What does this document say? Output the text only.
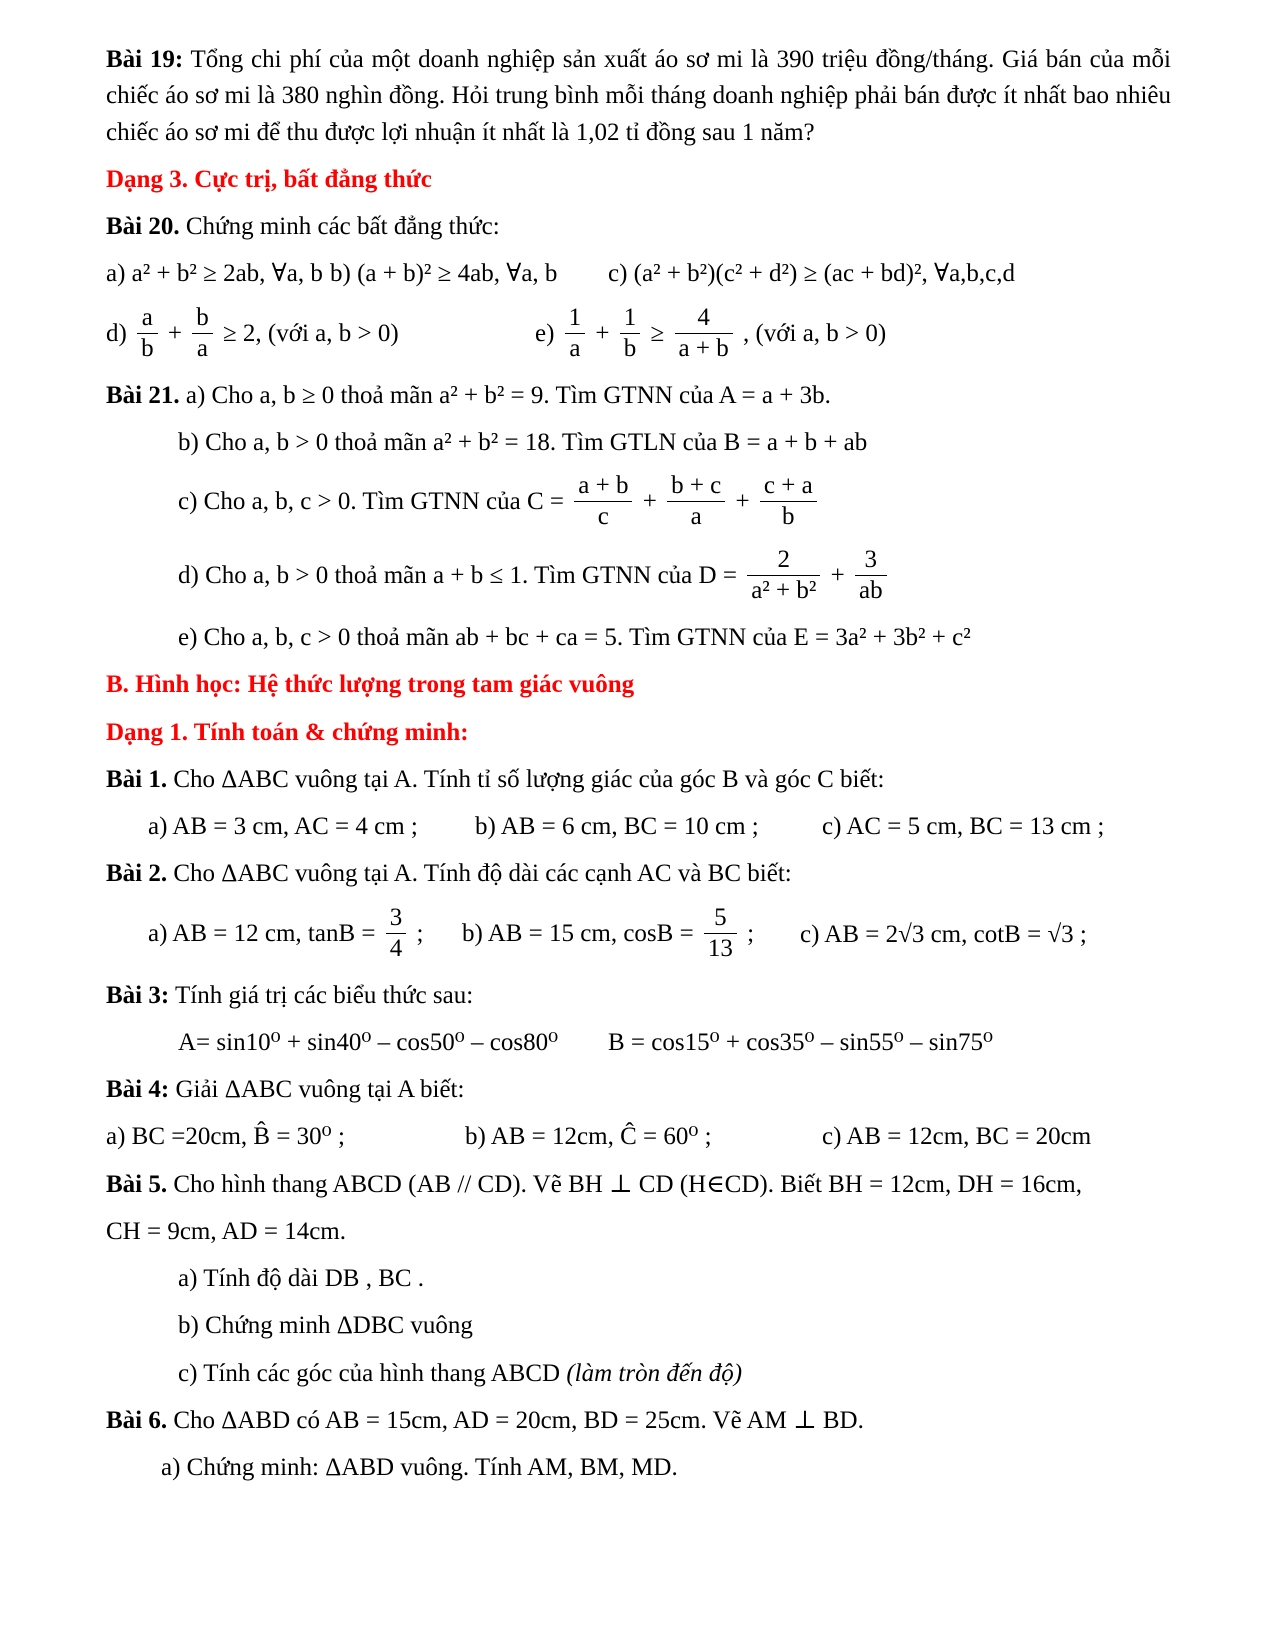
Bài 19: Tổng chi phí của một doanh nghiệp sản xuất áo sơ mi là 390 triệu đồng/tháng. Giá bán của mỗi chiếc áo sơ mi là 380 nghìn đồng. Hỏi trung bình mỗi tháng doanh nghiệp phải bán được ít nhất bao nhiêu chiếc áo sơ mi để thu được lợi nhuận ít nhất là 1,02 tỉ đồng sau 1 năm?

Dạng 3. Cực trị, bất đẳng thức

Bài 20. Chứng minh các bất đẳng thức:

a) a² + b² ≥ 2ab, ∀a, b b) (a + b)² ≥ 4ab, ∀a, b	c) (a² + b²)(c² + d²) ≥ (ac + bd)², ∀a,b,c,d
$d) \frac{a}{b} + \frac{b}{a} \ge 2$, (với a, b > 0)	$e) \frac{1}{a} + \frac{1}{b} \ge \frac{4}{a + b}$ , (với a, b > 0)

Bài 21. a) Cho a, b ≥ 0 thoả mãn a² + b² = 9. Tìm GTNN của A = a + 3b.

b) Cho a, b > 0 thoả mãn a² + b² = 18. Tìm GTLN của B = a + b + ab

c) Cho a, b, c > 0. Tìm GTNN của $C = \frac{a + b}{c} + \frac{b + c}{a} + \frac{c + a}{b}$

d) Cho a, b > 0 thoả mãn a + b ≤ 1. Tìm GTNN của $D = \frac{2}{\text{a² + b²}} + \frac{3}{ab}$

e) Cho a, b, c > 0 thoả mãn ab + bc + ca = 5. Tìm GTNN của E = 3a² + 3b² + c²

B. Hình học: Hệ thức lượng trong tam giác vuông

Dạng 1. Tính toán & chứng minh:

Bài 1. Cho ΔABC vuông tại A. Tính tỉ số lượng giác của góc B và góc C biết:

a) AB = 3 cm, AC = 4 cm ;	b) AB = 6 cm, BC = 10 cm ;	c) AC = 5 cm, BC = 13 cm ;

Bài 2. Cho ΔABC vuông tại A. Tính độ dài các cạnh AC và BC biết:

a) AB = 12 cm, $\tan B = \frac{3}{4}$ ;	b) AB = 15 cm, $\cos B = \frac{5}{13}$ ;	c) AB = 2√3 cm, cotB = √3 ;

Bài 3: Tính giá trị các biểu thức sau:

A= sin10⁰ + sin40⁰ – cos50⁰ – cos80⁰	B = cos15⁰ + cos35⁰ – sin55⁰ – sin75⁰

Bài 4: Giải ΔABC vuông tại A biết:

a) BC =20cm, B̂ = 30⁰ ;	b) AB = 12cm, Ĉ = 60⁰ ;	c) AB = 12cm, BC = 20cm

Bài 5. Cho hình thang ABCD (AB // CD). Vẽ BH ⊥ CD (H∈CD). Biết BH = 12cm, DH = 16cm,

CH = 9cm, AD = 14cm.

a) Tính độ dài DB , BC .

b) Chứng minh ΔDBC vuông

c) Tính các góc của hình thang ABCD (làm tròn đến độ)

Bài 6. Cho ΔABD có AB = 15cm, AD = 20cm, BD = 25cm. Vẽ AM ⊥ BD.

a) Chứng minh: ΔABD vuông. Tính AM, BM, MD.
